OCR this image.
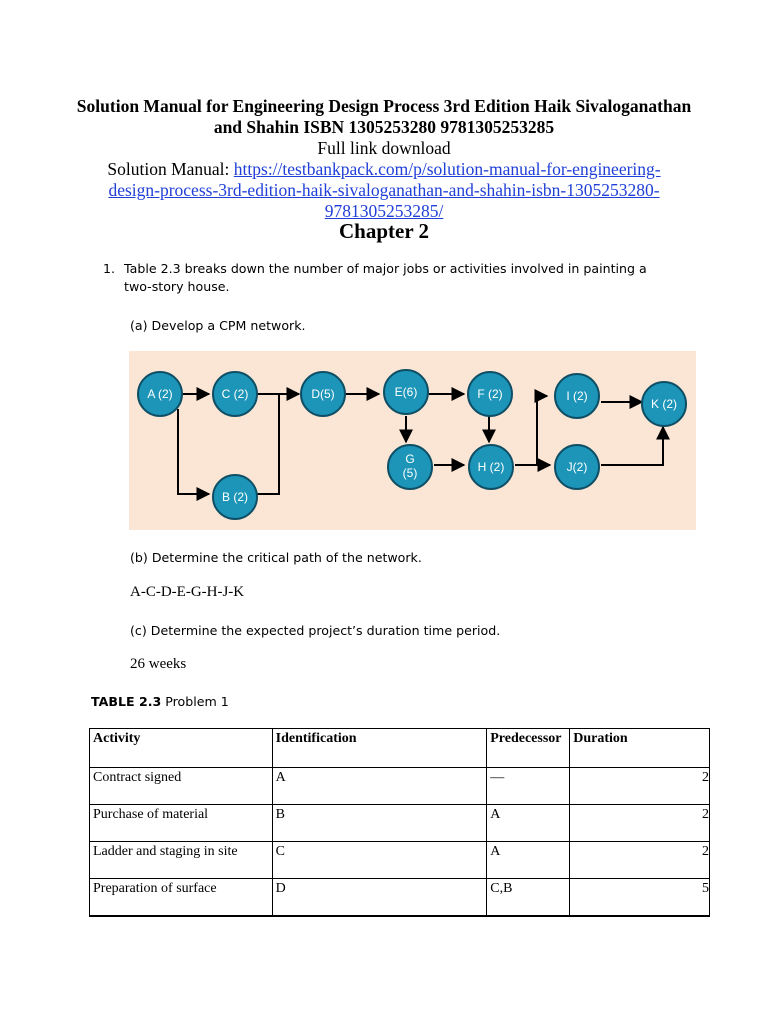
Solution Manual for Engineering Design Process 3rd Edition Haik Sivaloganathan
and Shahin ISBN 1305253280 9781305253285
Full link download
Solution Manual: https://testbankpack.com/p/solution-manual-for-engineering-
design-process-3rd-edition-haik-sivaloganathan-and-shahin-isbn-1305253280-
9781305253285/
Chapter 2
1. Table 2.3 breaks down the number of major jobs or activities involved in painting a
two-story house.
(a) Develop a CPM network.
A (2)	C (2)
B (2)
D(5)	E(6)	F (2)
G
(5)	H (2)
I (2)
J(2)
K (2)
(b) Determine the critical path of the network.
A-C-D-E-G-H-J-K
(c) Determine the expected project’s duration time period.
26 weeks
TABLE 2.3 Problem 1
Activity	Identification	Predecessor	Duration
Contract signed	A	—	2
Purchase of material	B	A	2
Ladder and staging in site	C	A	2
Preparation of surface	D	C,B	5
